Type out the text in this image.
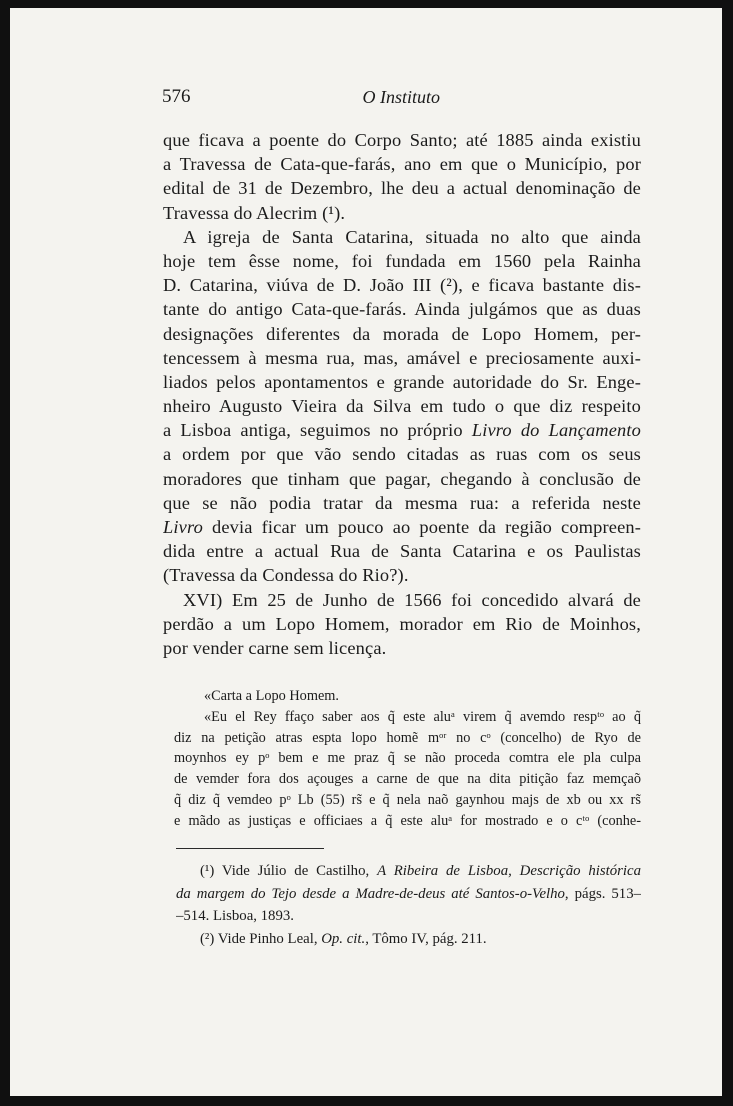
576	O Instituto
que ficava a poente do Corpo Santo; até 1885 ainda existiu
a Travessa de Cata-que-farás, ano em que o Município, por
edital de 31 de Dezembro, lhe deu a actual denominação de
Travessa do Alecrim (¹).
A igreja de Santa Catarina, situada no alto que ainda
hoje tem êsse nome, foi fundada em 1560 pela Rainha
D. Catarina, viúva de D. João III (²), e ficava bastante dis-
tante do antigo Cata-que-farás. Ainda julgámos que as duas
designações diferentes da morada de Lopo Homem, per-
tencessem à mesma rua, mas, amável e preciosamente auxi-
liados pelos apontamentos e grande autoridade do Sr. Enge-
nheiro Augusto Vieira da Silva em tudo o que diz respeito
a Lisboa antiga, seguimos no próprio Livro do Lançamento
a ordem por que vão sendo citadas as ruas com os seus
moradores que tinham que pagar, chegando à conclusão de
que se não podia tratar da mesma rua: a referida neste
Livro devia ficar um pouco ao poente da região compreen-
dida entre a actual Rua de Santa Catarina e os Paulistas
(Travessa da Condessa do Rio?).
XVI) Em 25 de Junho de 1566 foi concedido alvará de
perdão a um Lopo Homem, morador em Rio de Moinhos,
por vender carne sem licença.
«Carta a Lopo Homem.
«Eu el Rey ffaço saber aos q̃ este aluᵃ virem q̃ avemdo respᵗᵒ ao q̃
diz na petição atras espta lopo homẽ mᵒʳ no cᵒ (concelho) de Ryo de
moynhos ey pᵒ bem e me praz q̃ se não proceda comtra ele pla culpa
de vemder fora dos açouges a carne de que na dita pitição faz memçaõ
q̃ diz q̃ vemdeo pᵒ Lb (55) rs̃ e q̃ nela naõ gaynhou majs de xb ou xx rs̃
e mãdo as justiças e officiaes a q̃ este aluᵃ for mostrado e o cᵗᵒ (conhe-
(¹) Vide Júlio de Castilho, A Ribeira de Lisboa, Descrição histórica
da margem do Tejo desde a Madre-de-deus até Santos-o-Velho, págs. 513–
–514. Lisboa, 1893.
(²) Vide Pinho Leal, Op. cit., Tômo IV, pág. 211.
